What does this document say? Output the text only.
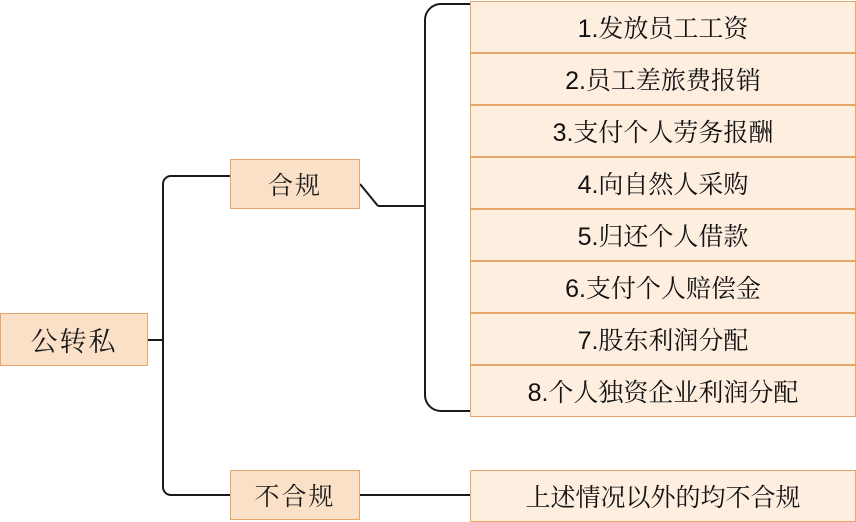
公转私
合规
不合规
1.发放员工工资
2.员工差旅费报销
3.支付个人劳务报酬
4.向自然人采购
5.归还个人借款
6.支付个人赔偿金
7.股东利润分配
8.个人独资企业利润分配
上述情况以外的均不合规
